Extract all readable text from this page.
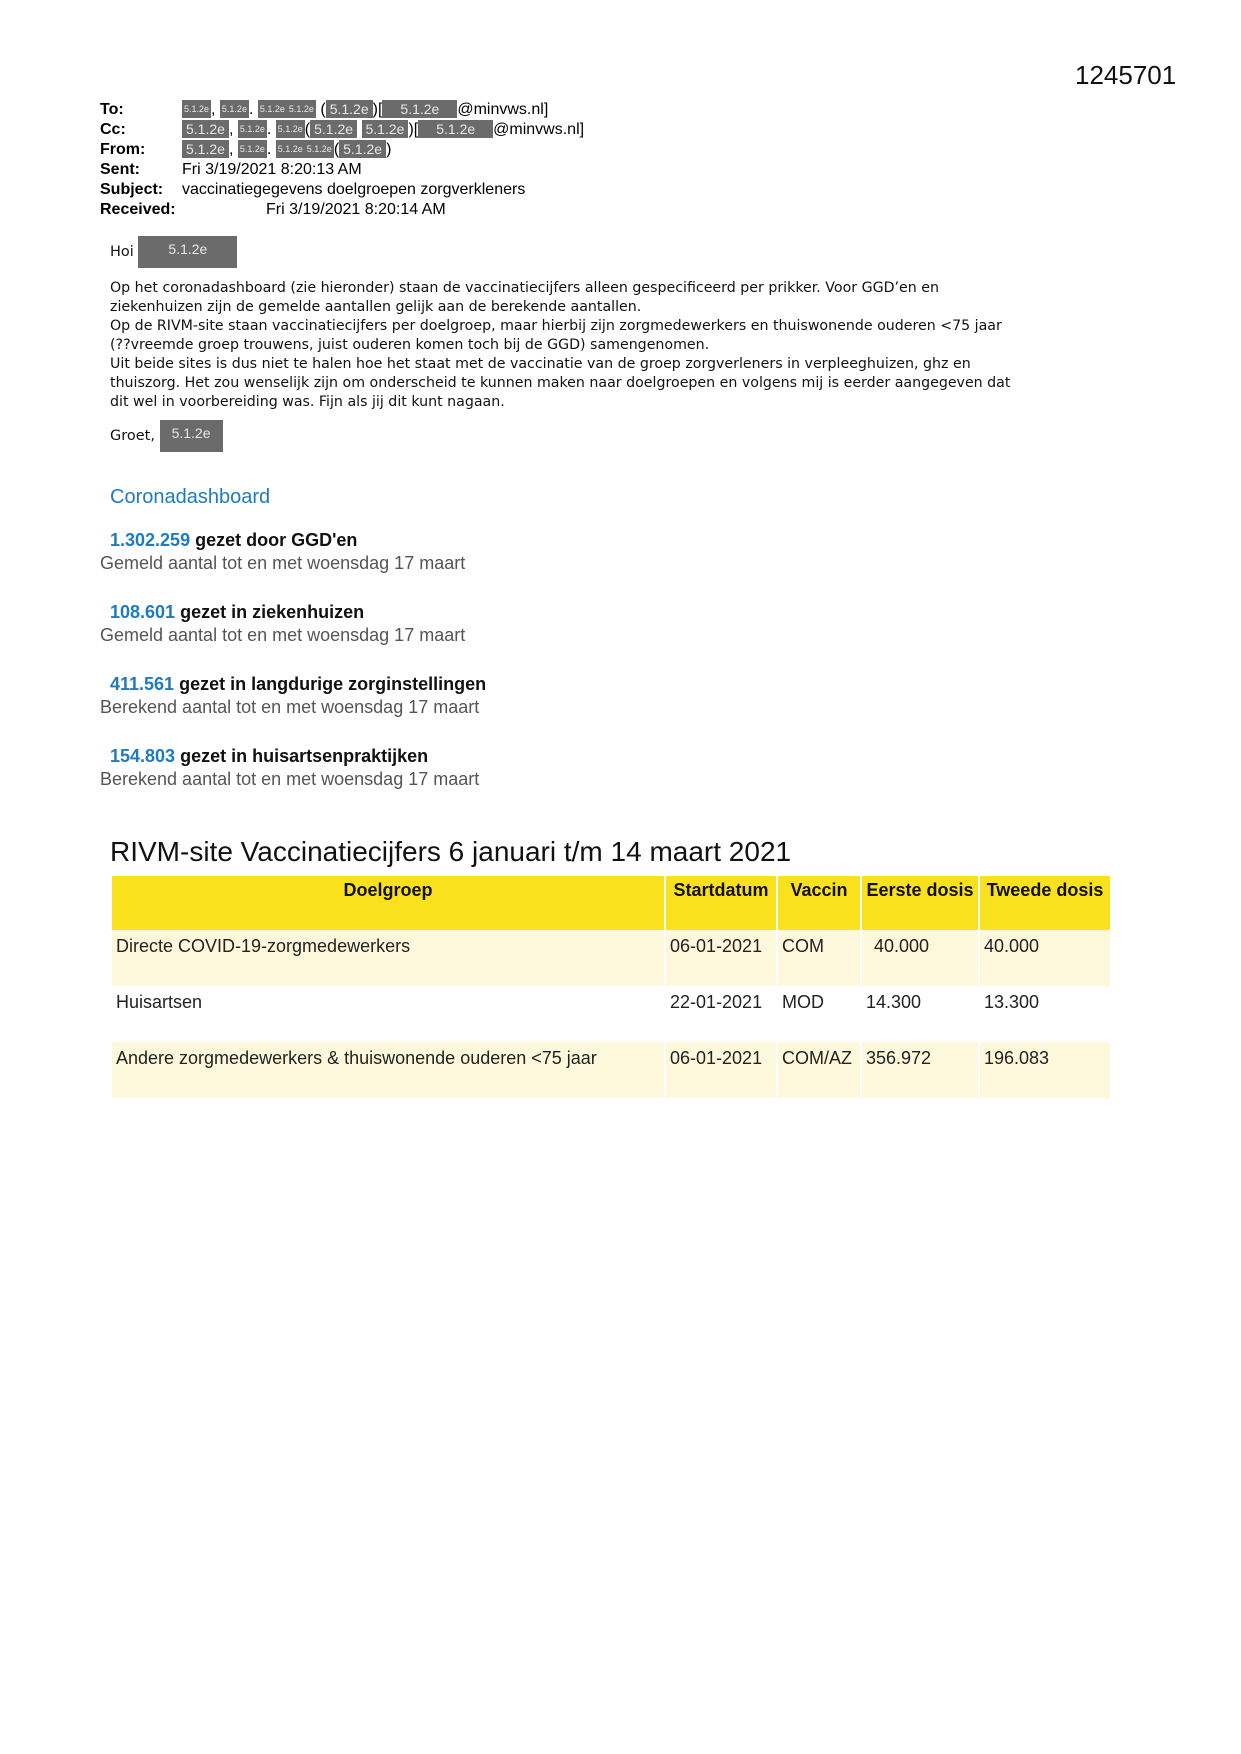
1245701
To:	5.1.2e , 5.1.2e . 5.1.2e 5.1.2e ( 5.1.2e )[ 5.1.2e @minvws.nl]
Cc:	5.1.2e , 5.1.2e . 5.1.2e ( 5.1.2e 5.1.2e )[ 5.1.2e @minvws.nl]
From:	5.1.2e , 5.1.2e . 5.1.2e 5.1.2e ( 5.1.2e )
Sent:	Fri 3/19/2021 8:20:13 AM
Subject: vaccinatiegegevens doelgroepen zorgverkleners
Received:	Fri 3/19/2021 8:20:14 AM
Hoi 5.1.2e
Op het coronadashboard (zie hieronder) staan de vaccinatiecijfers alleen gespecificeerd per prikker. Voor GGD’en en
ziekenhuizen zijn de gemelde aantallen gelijk aan de berekende aantallen.
Op de RIVM-site staan vaccinatiecijfers per doelgroep, maar hierbij zijn zorgmedewerkers en thuiswonende ouderen <75 jaar
(??vreemde groep trouwens, juist ouderen komen toch bij de GGD) samengenomen.
Uit beide sites is dus niet te halen hoe het staat met de vaccinatie van de groep zorgverleners in verpleeghuizen, ghz en
thuiszorg. Het zou wenselijk zijn om onderscheid te kunnen maken naar doelgroepen en volgens mij is eerder aangegeven dat
dit wel in voorbereiding was. Fijn als jij dit kunt nagaan.
Groet, 5.1.2e
Coronadashboard
1.302.259 gezet door GGD'en
Gemeld aantal tot en met woensdag 17 maart
108.601 gezet in ziekenhuizen
Gemeld aantal tot en met woensdag 17 maart
411.561 gezet in langdurige zorginstellingen
Berekend aantal tot en met woensdag 17 maart
154.803 gezet in huisartsenpraktijken
Berekend aantal tot en met woensdag 17 maart
RIVM-site Vaccinatiecijfers 6 januari t/m 14 maart 2021
Doelgroep	Startdatum	Vaccin	Eerste dosis	Tweede dosis
Directe COVID-19-zorgmedewerkers	06-01-2021	COM	40.000	40.000
Huisartsen	22-01-2021	MOD	14.300	13.300
Andere zorgmedewerkers & thuiswonende ouderen <75 jaar	06-01-2021	COM/AZ	356.972	196.083
